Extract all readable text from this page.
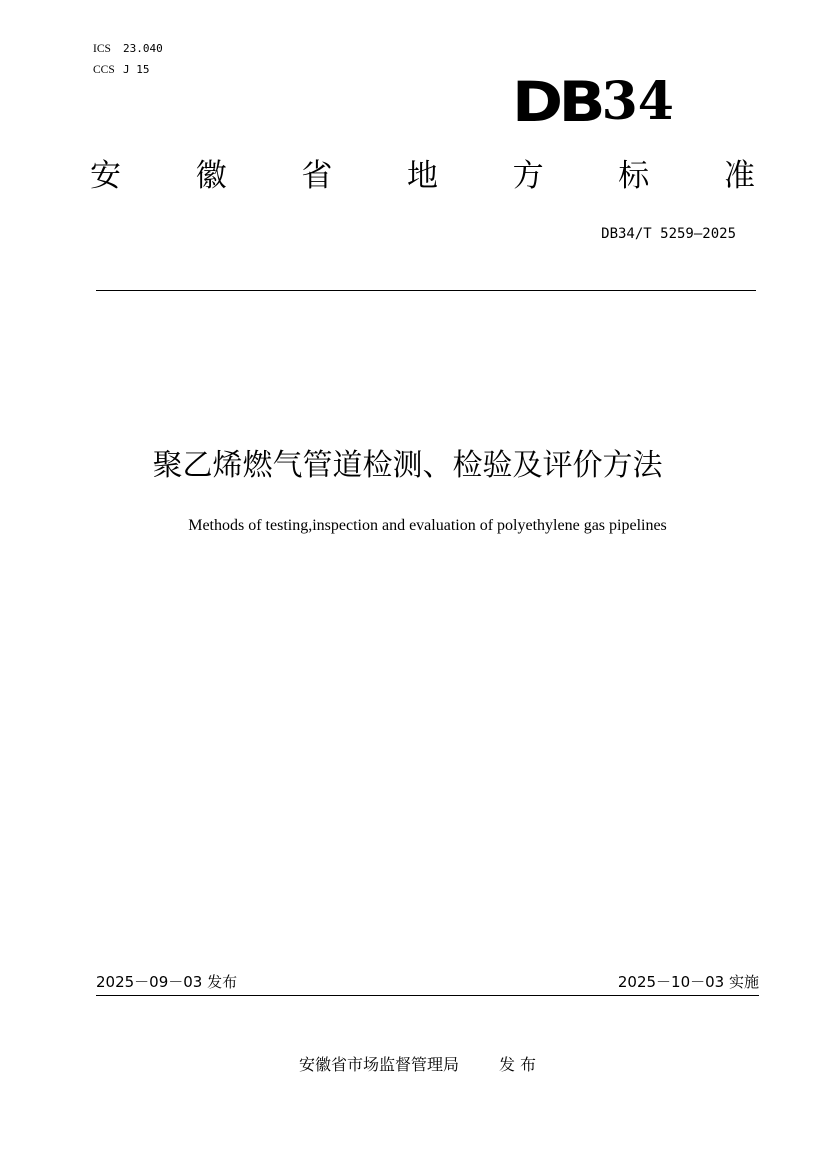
ICS 23.040
CCS J 15
DB34
安 徽 省 地 方 标 准
DB34/T 5259—2025
聚乙烯燃气管道检测、检验及评价方法
Methods of testing,inspection and evaluation of polyethylene gas pipelines
2025－09－03 发布	2025－10－03 实施
安徽省市场监督管理局	发 布
